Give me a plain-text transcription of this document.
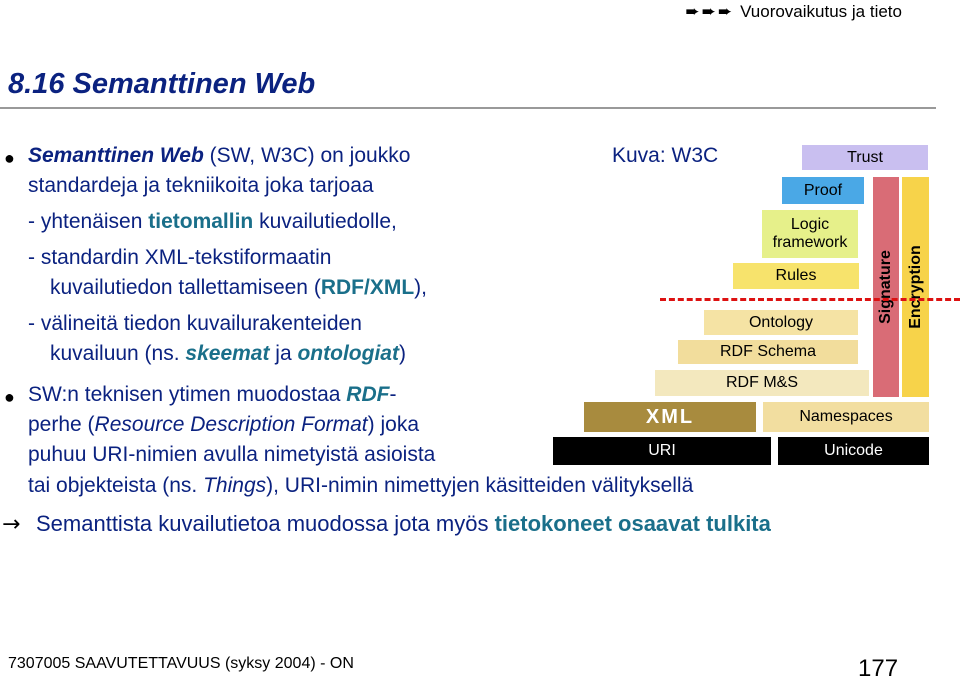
➨➨➨ Vuorovaikutus ja tieto
8.16 Semanttinen Web
● Semanttinen Web (SW, W3C) on joukko
standardeja ja tekniikoita joka tarjoaa
- yhtenäisen tietomallin kuvailutiedolle,
- standardin XML-tekstiformaatin
kuvailutiedon tallettamiseen (RDF/XML),
- välineitä tiedon kuvailurakenteiden
kuvailuun (ns. skeemat ja ontologiat)
● SW:n teknisen ytimen muodostaa RDF-
perhe (Resource Description Format) joka
puhuu URI-nimien avulla nimetyistä asioista
tai objekteista (ns. Things), URI-nimin nimettyjen käsitteiden välityksellä
→ Semanttista kuvailutietoa muodossa jota myös tietokoneet osaavat tulkita
Kuva: W3C	Trust
Proof
Logic framework
Rules
Ontology
RDF Schema
RDF M&S
XML	Namespaces
URI	Unicode
Signature Encryption
7307005 SAAVUTETTAVUUS (syksy 2004) - ON	177
